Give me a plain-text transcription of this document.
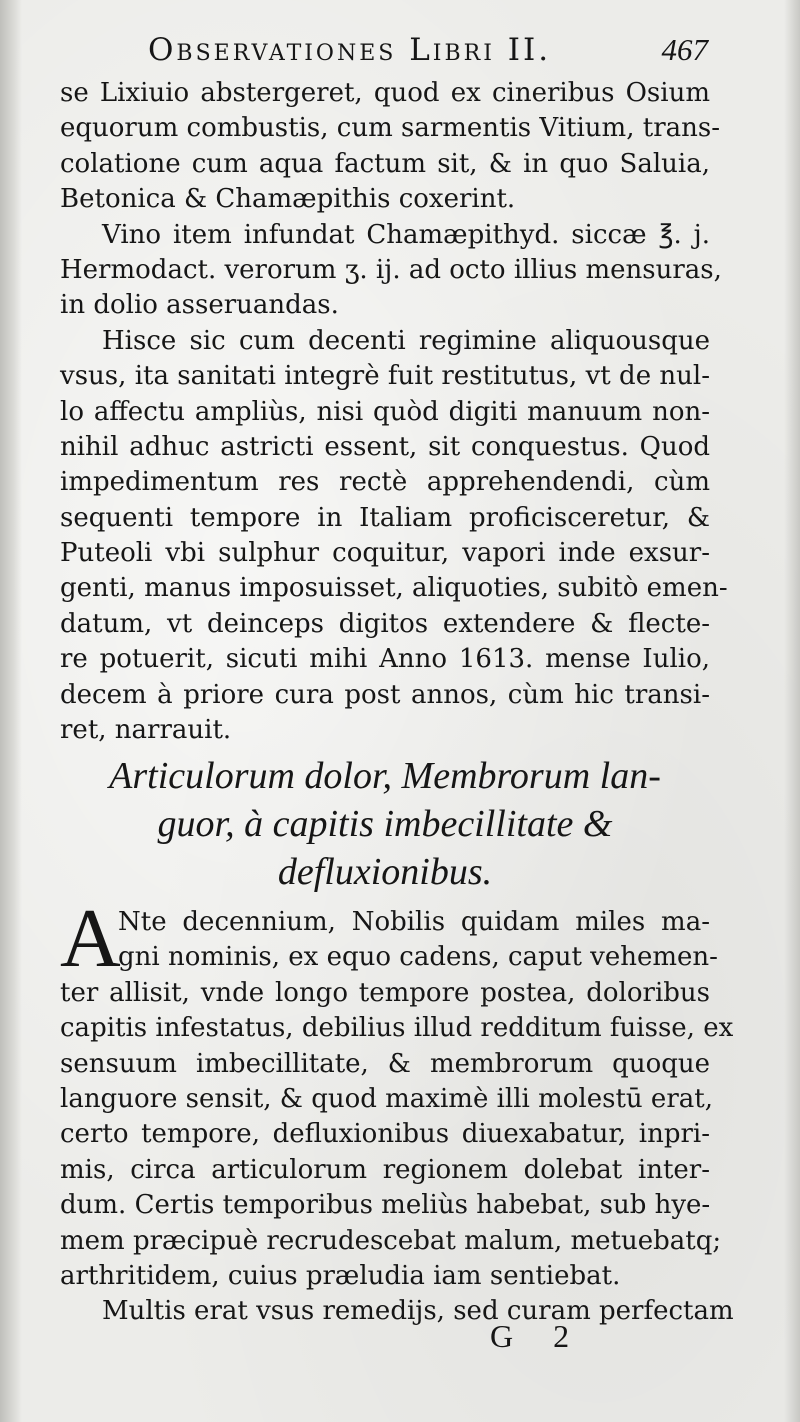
Observationes Libri II.	467
se Lixiuio abstergeret, quod ex cineribus Osium
equorum combustis, cum sarmentis Vitium, trans-
colatione cum aqua factum sit, & in quo Saluia,
Betonica & Chamæpithis coxerint.
Vino item infundat Chamæpithyd. siccæ ℥. j.
Hermodact. verorum ʒ. ij. ad octo illius mensuras,
in dolio asseruandas.
Hisce sic cum decenti regimine aliquousque
vsus, ita sanitati integrè fuit restitutus, vt de nul-
lo affectu ampliùs, nisi quòd digiti manuum non-
nihil adhuc astricti essent, sit conquestus. Quod
impedimentum res rectè apprehendendi, cùm
sequenti tempore in Italiam proficisceretur, &
Puteoli vbi sulphur coquitur, vapori inde exsur-
genti, manus imposuisset, aliquoties, subitò emen-
datum, vt deinceps digitos extendere & flecte-
re potuerit, sicuti mihi Anno 1613. mense Iulio,
decem à priore cura post annos, cùm hic transi-
ret, narrauit.
Articulorum dolor, Membrorum lan-
guor, à capitis imbecillitate &
defluxionibus.
A
Nte decennium, Nobilis quidam miles ma-
gni nominis, ex equo cadens, caput vehemen-
ter allisit, vnde longo tempore postea, doloribus
capitis infestatus, debilius illud redditum fuisse, ex
sensuum imbecillitate, & membrorum quoque
languore sensit, & quod maximè illi molestū erat,
certo tempore, defluxionibus diuexabatur, inpri-
mis, circa articulorum regionem dolebat inter-
dum. Certis temporibus meliùs habebat, sub hye-
mem præcipuè recrudescebat malum, metuebatq;
arthritidem, cuius præludia iam sentiebat.
Multis erat vsus remedijs, sed curam perfectam
G 2
